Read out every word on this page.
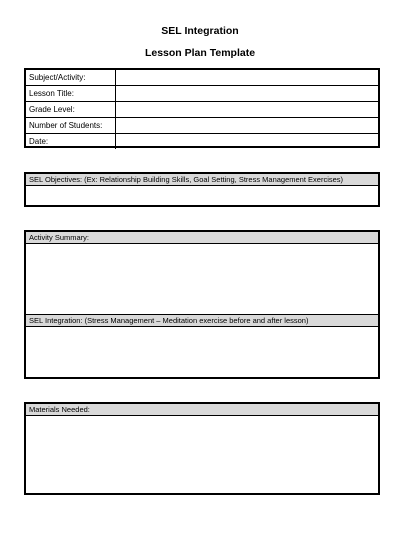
SEL Integration
Lesson Plan Template
Subject/Activity:	
Lesson Title:	
Grade Level:	
Number of Students:	
Date:	
SEL Objectives: (Ex: Relationship Building Skills, Goal Setting, Stress Management Exercises)
Activity Summary:
SEL Integration: (Stress Management – Meditation exercise before and after lesson)
Materials Needed:
